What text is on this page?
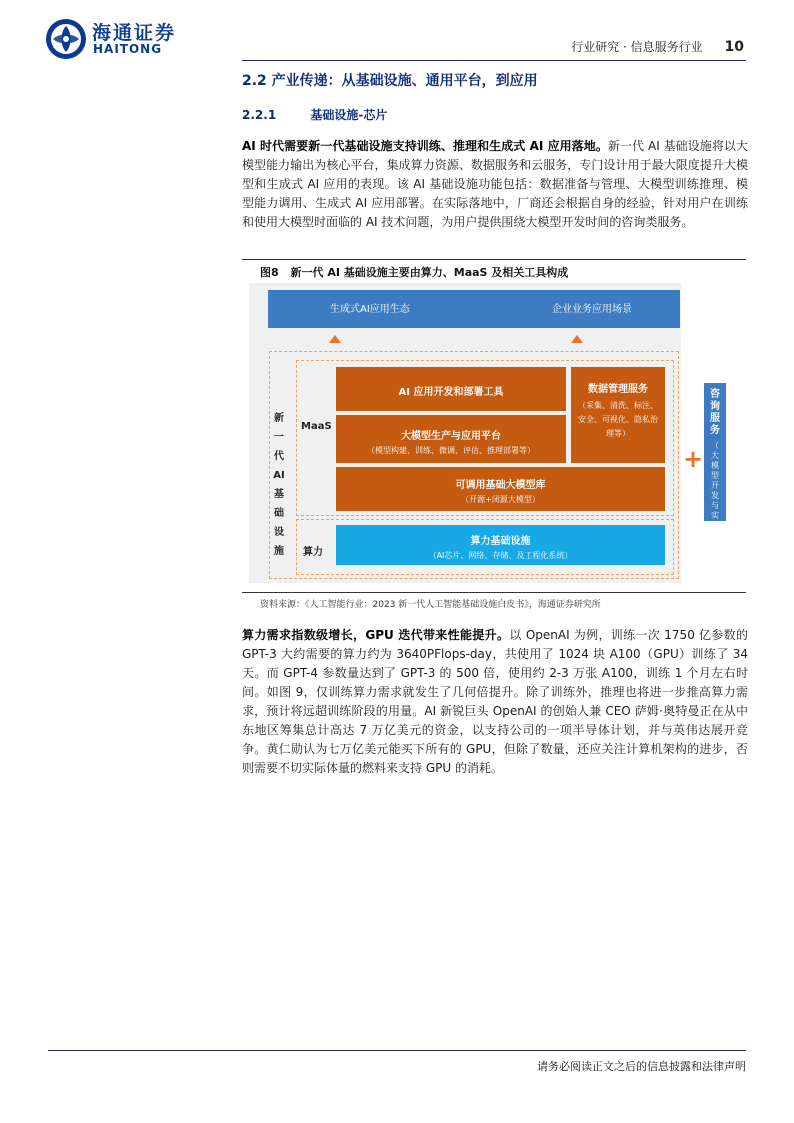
海通证券
HAITONG	行业研究 · 信息服务行业 10
2.2 产业传递：从基础设施、通用平台，到应用
2.2.1	基础设施-芯片
AI 时代需要新一代基础设施支持训练、推理和生成式 AI 应用落地。新一代 AI 基础设施将以大模型能力输出为核心平台，集成算力资源、数据服务和云服务，专门设计用于最大限度提升大模型和生成式 AI 应用的表现。该 AI 基础设施功能包括：数据准备与管理、大模型训练推理、模型能力调用、生成式 AI 应用部署。在实际落地中，厂商还会根据自身的经验，针对用户在训练和使用大模型时面临的 AI 技术问题，为用户提供围绕大模型开发时间的咨询类服务。
图8 新一代 AI 基础设施主要由算力、MaaS 及相关工具构成
生成式AI应用生态	企业业务应用场景
新
一
代
AI
基
础
设
施
MaaS
算力
AI 应用开发和部署工具
大模型生产与应用平台
（模型构建、训练、微调、评估、推理部署等）
数据管理服务
（采集、清洗、标注、
安全、可视化、隐私治
理等）
可调用基础大模型库
（开源+闭源大模型）
算力基础设施
（AI芯片、网络、存储、及工程化系统）
+
咨
询
服
务
（
大
模
型
开
发
与
实
践
）
资料来源：《人工智能行业：2023 新一代人工智能基础设施白皮书》，海通证券研究所
算力需求指数级增长，GPU 迭代带来性能提升。以 OpenAI 为例，训练一次 1750 亿参数的 GPT-3 大约需要的算力约为 3640PFlops-day，共使用了 1024 块 A100（GPU）训练了 34 天。而 GPT-4 参数量达到了 GPT-3 的 500 倍，使用约 2-3 万张 A100，训练 1 个月左右时间。如图 9，仅训练算力需求就发生了几何倍提升。除了训练外，推理也将进一步推高算力需求，预计将远超训练阶段的用量。AI 新锐巨头 OpenAI 的创始人兼 CEO 萨姆·奥特曼正在从中东地区筹集总计高达 7 万亿美元的资金，以支持公司的一项半导体计划，并与英伟达展开竞争。黄仁勋认为七万亿美元能买下所有的 GPU，但除了数量，还应关注计算机架构的进步，否则需要不切实际体量的燃料来支持 GPU 的消耗。
请务必阅读正文之后的信息披露和法律声明
